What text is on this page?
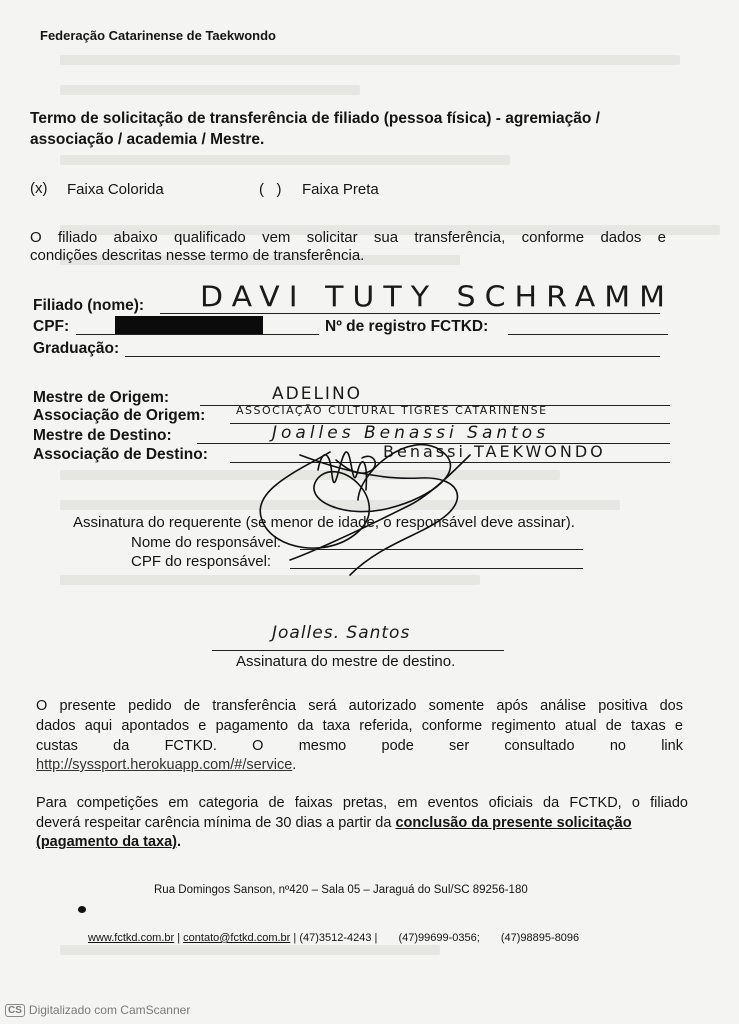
Federação Catarinense de Taekwondo
Termo de solicitação de transferência de filiado (pessoa física) - agremiação /
associação / academia / Mestre.
(x) Faixa Colorida	(   ) Faixa Preta
O filiado abaixo qualificado vem solicitar sua transferência, conforme dados e
condições descritas nesse termo de transferência.
Filiado (nome): DAVI TUTY SCHRAMM
CPF:	Nº de registro FCTKD:
Graduação:
Mestre de Origem:	ADELINO
Associação de Origem:	ASSOCIAÇÃO CULTURAL TIGRES CATARINENSE
Mestre de Destino:	Joalles Benassi Santos
Associação de Destino:	Benassi TAEKWONDO
Assinatura do requerente (se menor de idade, o responsável deve assinar).
Nome do responsável:
CPF do responsável:
Joalles. Santos
Assinatura do mestre de destino.
O presente pedido de transferência será autorizado somente após análise positiva dos
dados aqui apontados e pagamento da taxa referida, conforme regimento atual de taxas e
custas da FCTKD. O mesmo pode ser consultado no link
http://syssport.herokuapp.com/#/service.
Para competições em categoria de faixas pretas, em eventos oficiais da FCTKD, o filiado
deverá respeitar carência mínima de 30 dias a partir da conclusão da presente solicitação
(pagamento da taxa).
Rua Domingos Sanson, nº420 – Sala 05 – Jaraguá do Sul/SC 89256-180
www.fctkd.com.br | contato@fctkd.com.br | (47)3512-4243 | (47)99699-0356; (47)98895-8096
CS Digitalizado com CamScanner
